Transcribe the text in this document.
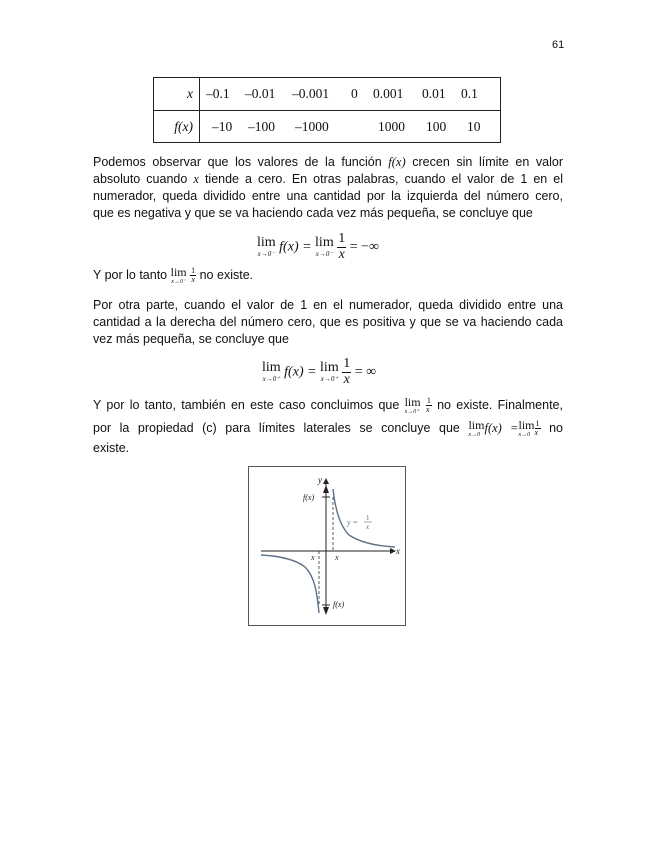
61
x –0.1 –0.01 –0.001 0 0.001 0.01 0.1
f(x)	–10 –100 –1000	1000 100 10
Podemos observar que los valores de la función f(x) crecen sin límite en valor
absoluto cuando x tiende a cero. En otras palabras, cuando el valor de 1 en el
numerador, queda dividido entre una cantidad por la izquierda del número cero,
que es negativa y que se va haciendo cada vez más pequeña, se concluye que
lim
x→0⁻ f(x) = lim
x→0⁻
$\frac{1}{x}$ = −∞
Y por lo tanto lim
x→0⁻
$\frac{1}{x}$ no existe.
Por otra parte, cuando el valor de 1 en el numerador, queda dividido entre una
cantidad a la derecha del número cero, que es positiva y que se va haciendo cada
vez más pequeña, se concluye que
lim
x→0⁺ f(x) = lim
x→0⁺
$\frac{1}{x}$ = ∞
Y por lo tanto, también en este caso concluimos que lim
x→0⁺
$\frac{1}{x}$ no existe. Finalmente,
por la propiedad (c) para límites laterales se concluye que lim
x→0
f(x) =lim
$x\to 0 \frac{1}{x}$ no
existe.
y
x
f(x)
f(x)
x	x
y = 1
x
